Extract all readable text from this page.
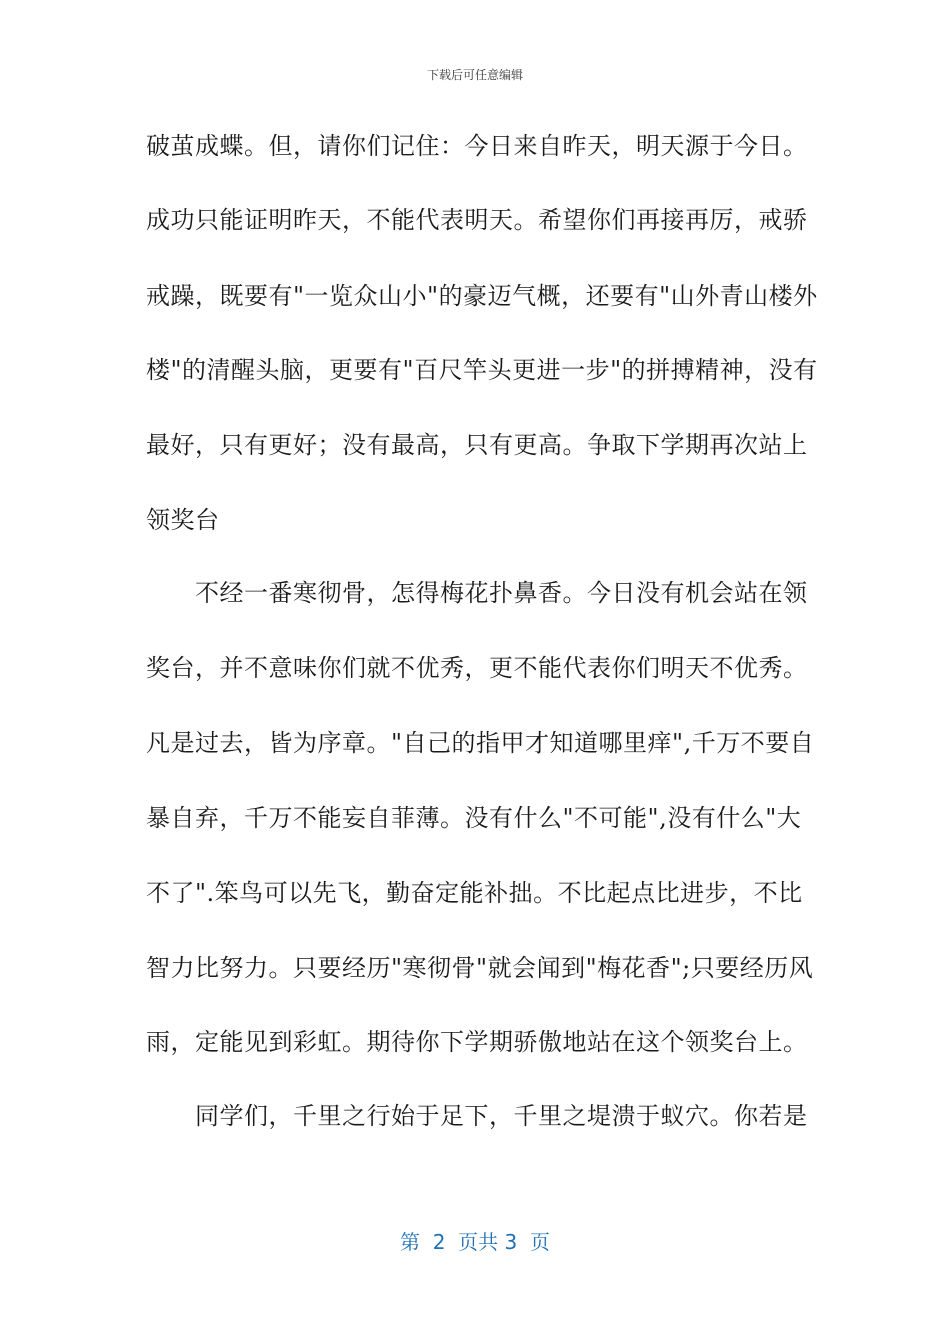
下载后可任意编辑
破茧成蝶。但，请你们记住：今日来自昨天，明天源于今日。
成功只能证明昨天，不能代表明天。希望你们再接再厉，戒骄
戒躁，既要有"一览众山小"的豪迈气概，还要有"山外青山楼外
楼"的清醒头脑，更要有"百尺竿头更进一步"的拼搏精神，没有
最好，只有更好；没有最高，只有更高。争取下学期再次站上
领奖台
　　不经一番寒彻骨，怎得梅花扑鼻香。今日没有机会站在领
奖台，并不意味你们就不优秀，更不能代表你们明天不优秀。
凡是过去，皆为序章。"自己的指甲才知道哪里痒",千万不要自
暴自弃，千万不能妄自菲薄。没有什么"不可能",没有什么"大
不了".笨鸟可以先飞，勤奋定能补拙。不比起点比进步，不比
智力比努力。只要经历"寒彻骨"就会闻到"梅花香";只要经历风
雨，定能见到彩虹。期待你下学期骄傲地站在这个领奖台上。
　　同学们，千里之行始于足下，千里之堤溃于蚁穴。你若是
第  2  页共 3  页
